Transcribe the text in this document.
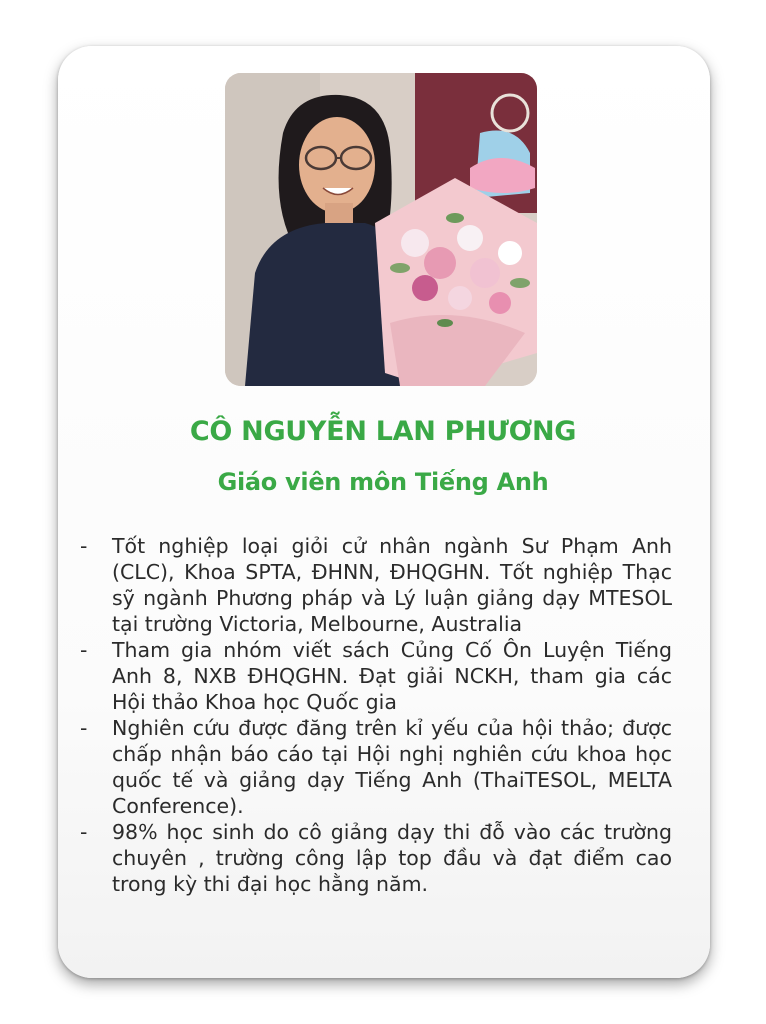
CÔ NGUYỄN LAN PHƯƠNG
Giáo viên môn Tiếng Anh
- Tốt nghiệp loại giỏi cử nhân ngành Sư Phạm Anh (CLC), Khoa SPTA, ĐHNN, ĐHQGHN. Tốt nghiệp Thạc sỹ ngành Phương pháp và Lý luận giảng dạy MTESOL tại trường Victoria, Melbourne, Australia
- Tham gia nhóm viết sách Củng Cố Ôn Luyện Tiếng Anh 8, NXB ĐHQGHN. Đạt giải NCKH, tham gia các Hội thảo Khoa học Quốc gia
- Nghiên cứu được đăng trên kỉ yếu của hội thảo; được chấp nhận báo cáo tại Hội nghị nghiên cứu khoa học quốc tế và giảng dạy Tiếng Anh (ThaiTESOL, MELTA Conference).
- 98% học sinh do cô giảng dạy thi đỗ vào các trường chuyên , trường công lập top đầu và đạt điểm cao trong kỳ thi đại học hằng năm.
